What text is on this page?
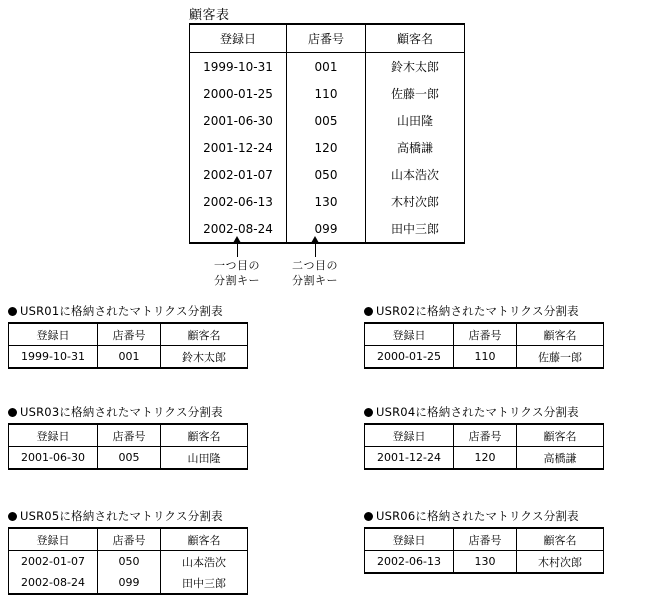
顧客表
登録日	店番号	顧客名
1999-10-31	001	鈴木太郎
2000-01-25	110	佐藤一郎
2001-06-30	005	山田隆
2001-12-24	120	高橋謙
2002-01-07	050	山本浩次
2002-06-13	130	木村次郎
2002-08-24	099	田中三郎
一つ目の
分割キー
二つ目の
分割キー
USR01に格納されたマトリクス分割表
登録日	店番号	顧客名
1999-10-31	001	鈴木太郎
USR02に格納されたマトリクス分割表
登録日	店番号	顧客名
2000-01-25	110	佐藤一郎
USR03に格納されたマトリクス分割表
登録日	店番号	顧客名
2001-06-30	005	山田隆
USR04に格納されたマトリクス分割表
登録日	店番号	顧客名
2001-12-24	120	高橋謙
USR05に格納されたマトリクス分割表
登録日	店番号	顧客名
2002-01-07	050	山本浩次
2002-08-24	099	田中三郎
USR06に格納されたマトリクス分割表
登録日	店番号	顧客名
2002-06-13	130	木村次郎
